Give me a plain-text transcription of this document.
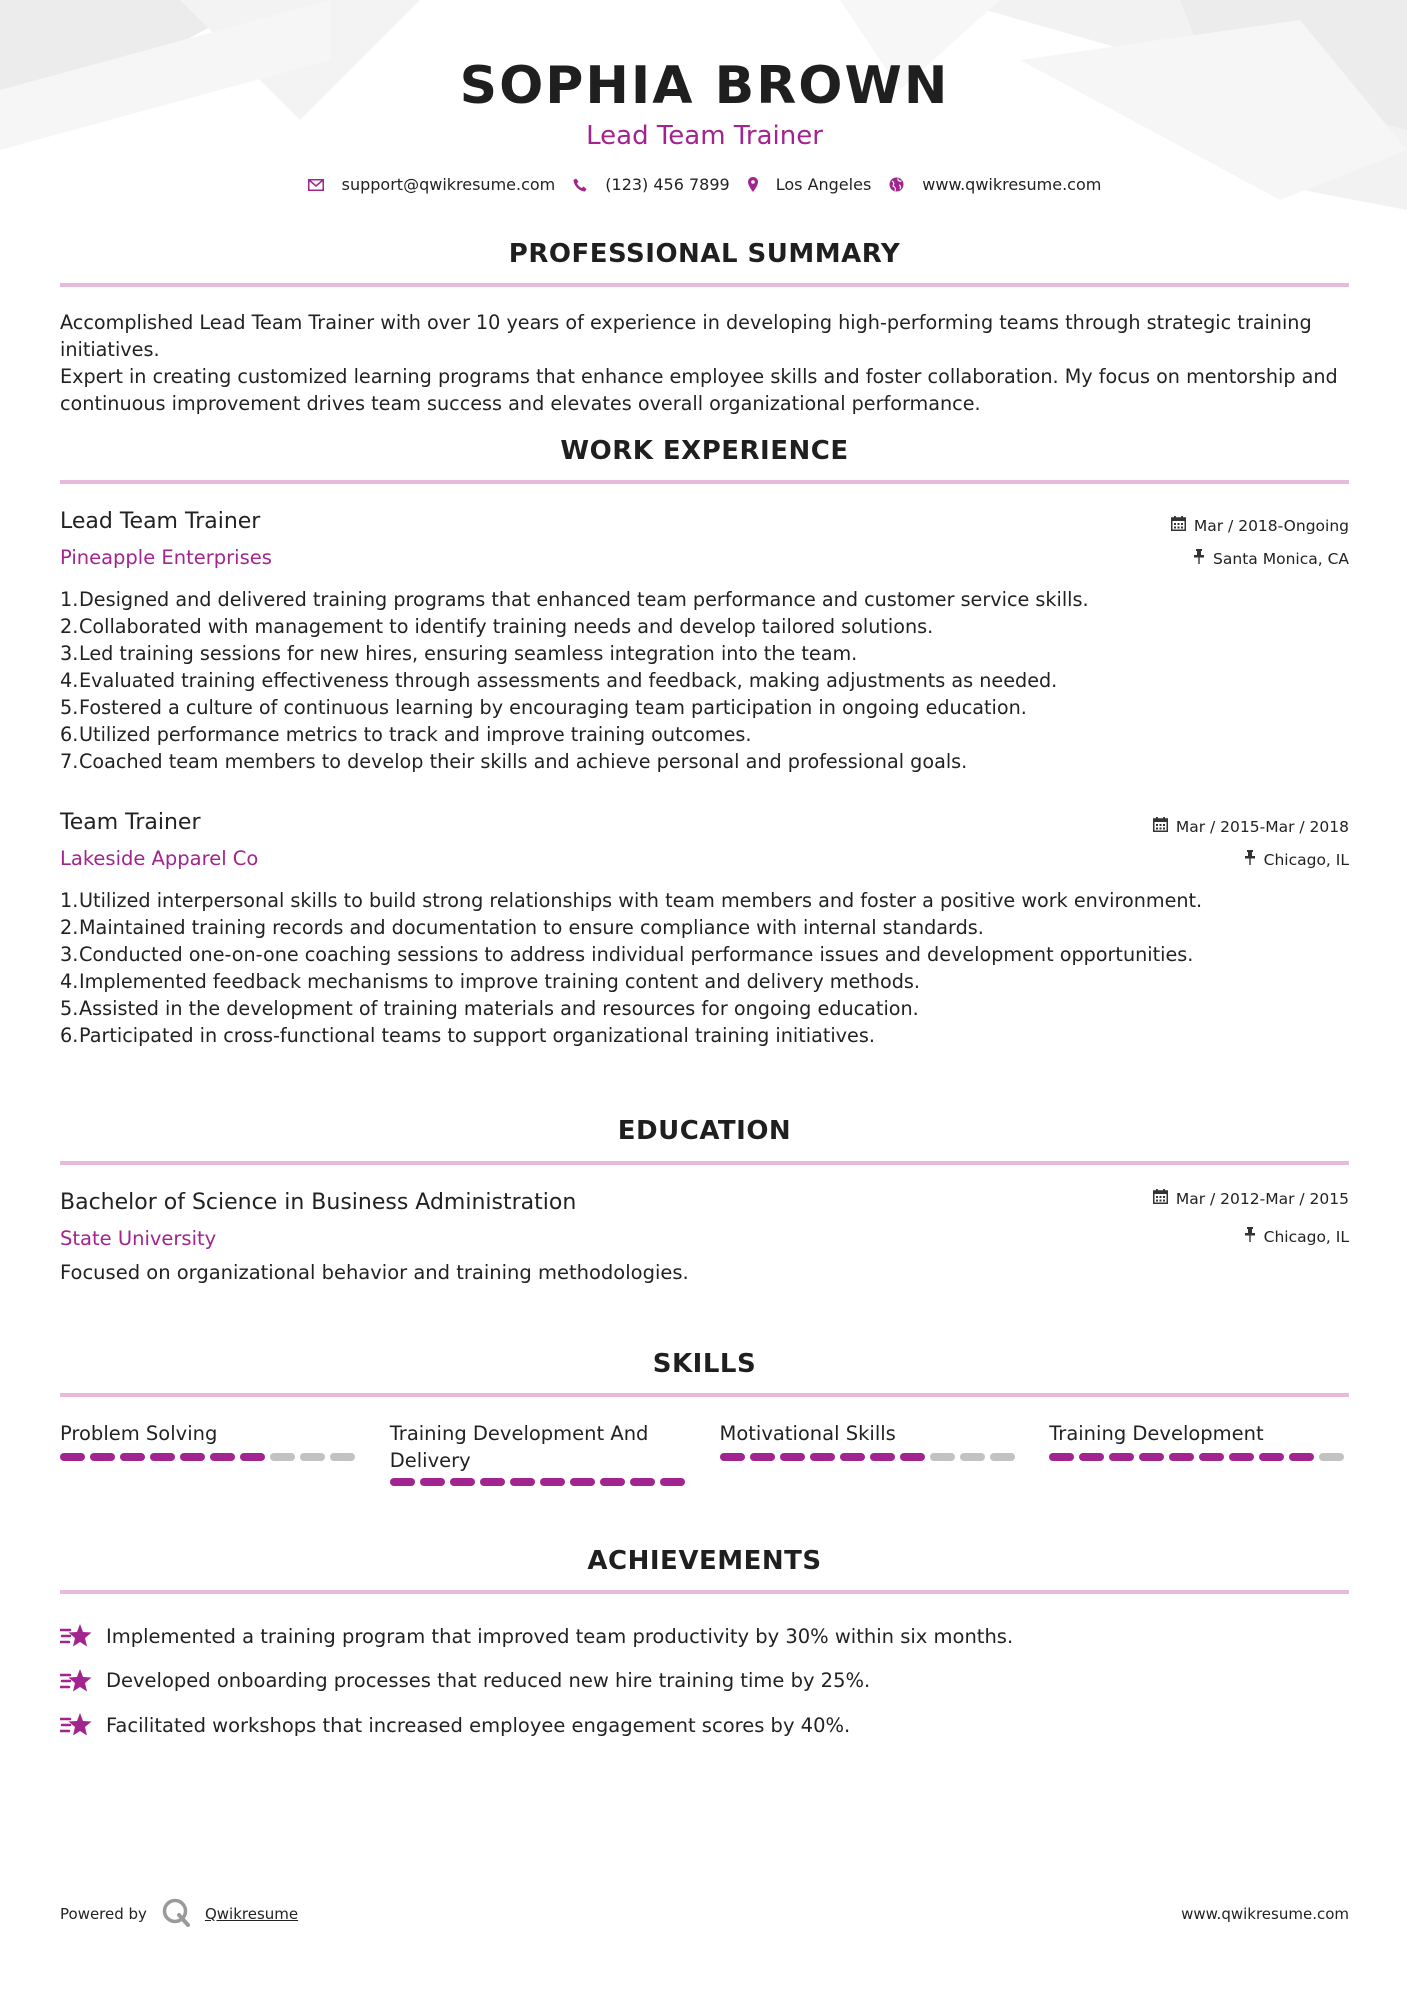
SOPHIA BROWN
Lead Team Trainer
support@qwikresume.com	(123) 456 7899	Los Angeles	www.qwikresume.com
PROFESSIONAL SUMMARY
Accomplished Lead Team Trainer with over 10 years of experience in developing high-performing teams through strategic training initiatives.
Expert in creating customized learning programs that enhance employee skills and foster collaboration. My focus on mentorship and
continuous improvement drives team success and elevates overall organizational performance.
WORK EXPERIENCE
Lead Team Trainer
Pineapple Enterprises
Mar / 2018-Ongoing
Santa Monica, CA
1. Designed and delivered training programs that enhanced team performance and customer service skills.
2. Collaborated with management to identify training needs and develop tailored solutions.
3. Led training sessions for new hires, ensuring seamless integration into the team.
4. Evaluated training effectiveness through assessments and feedback, making adjustments as needed.
5. Fostered a culture of continuous learning by encouraging team participation in ongoing education.
6. Utilized performance metrics to track and improve training outcomes.
7. Coached team members to develop their skills and achieve personal and professional goals.
Team Trainer
Lakeside Apparel Co
Mar / 2015-Mar / 2018
Chicago, IL
1. Utilized interpersonal skills to build strong relationships with team members and foster a positive work environment.
2. Maintained training records and documentation to ensure compliance with internal standards.
3. Conducted one-on-one coaching sessions to address individual performance issues and development opportunities.
4. Implemented feedback mechanisms to improve training content and delivery methods.
5. Assisted in the development of training materials and resources for ongoing education.
6. Participated in cross-functional teams to support organizational training initiatives.
EDUCATION
Bachelor of Science in Business Administration
State University
Mar / 2012-Mar / 2015
Chicago, IL
Focused on organizational behavior and training methodologies.
SKILLS
Problem Solving	Training Development And Delivery
Motivational Skills	Training Development
ACHIEVEMENTS
Implemented a training program that improved team productivity by 30% within six months.
Developed onboarding processes that reduced new hire training time by 25%.
Facilitated workshops that increased employee engagement scores by 40%.
Powered by	Qwikresume	www.qwikresume.com
